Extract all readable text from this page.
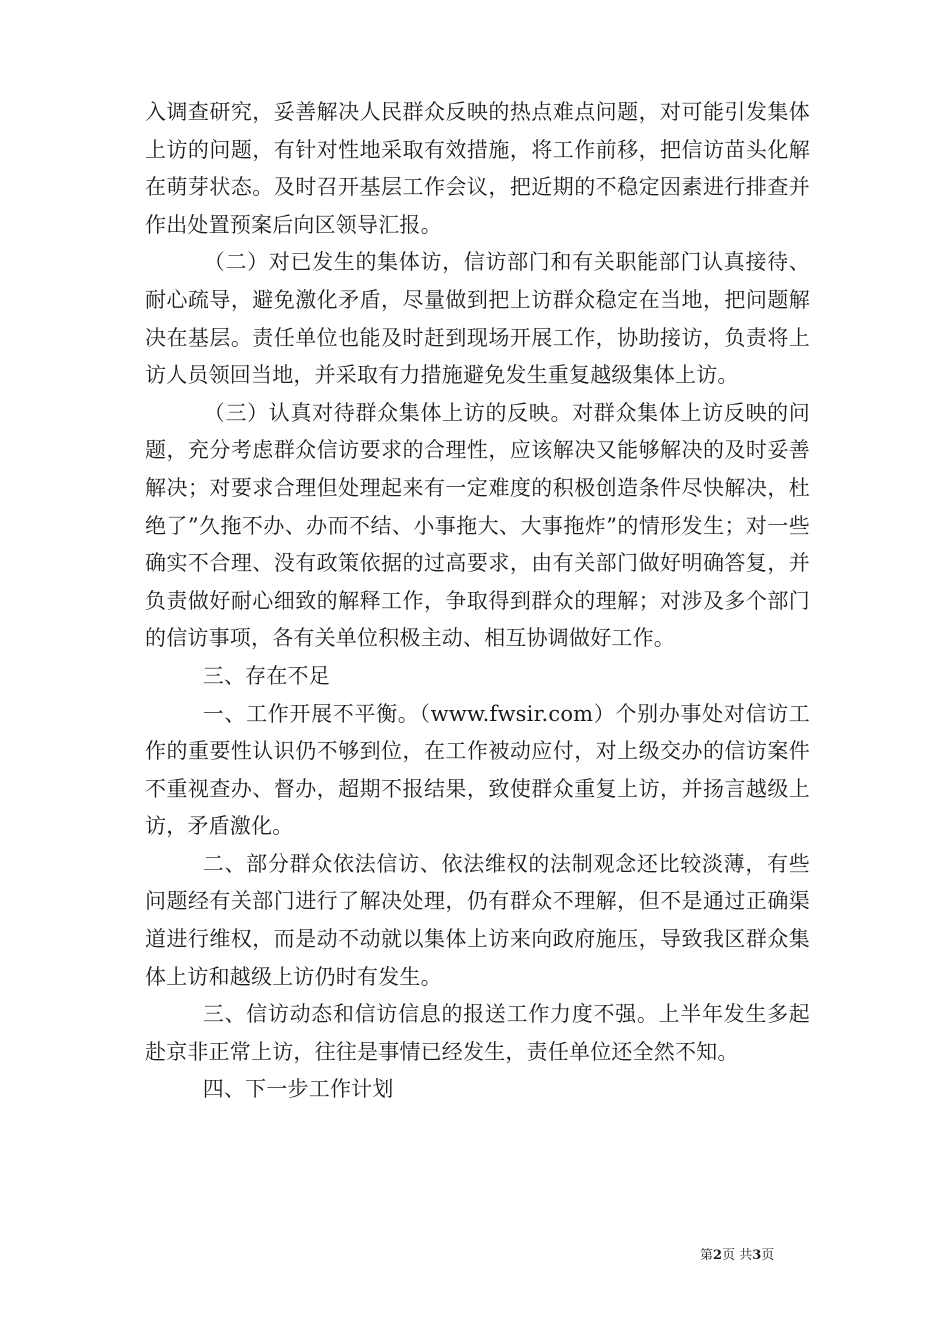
入调查研究，妥善解决人民群众反映的热点难点问题，对可能引发集体上访的问题，有针对性地采取有效措施，将工作前移，把信访苗头化解在萌芽状态。及时召开基层工作会议，把近期的不稳定因素进行排查并作出处置预案后向区领导汇报。

（二）对已发生的集体访，信访部门和有关职能部门认真接待、耐心疏导，避免激化矛盾，尽量做到把上访群众稳定在当地，把问题解决在基层。责任单位也能及时赶到现场开展工作，协助接访，负责将上访人员领回当地，并采取有力措施避免发生重复越级集体上访。

（三）认真对待群众集体上访的反映。对群众集体上访反映的问题，充分考虑群众信访要求的合理性，应该解决又能够解决的及时妥善解决；对要求合理但处理起来有一定难度的积极创造条件尽快解决，杜绝了”久拖不办、办而不结、小事拖大、大事拖炸”的情形发生；对一些确实不合理、没有政策依据的过高要求，由有关部门做好明确答复，并负责做好耐心细致的解释工作，争取得到群众的理解；对涉及多个部门的信访事项，各有关单位积极主动、相互协调做好工作。

三、存在不足

一、工作开展不平衡。（www.fwsir.com）个别办事处对信访工作的重要性认识仍不够到位，在工作被动应付，对上级交办的信访案件不重视查办、督办，超期不报结果，致使群众重复上访，并扬言越级上访，矛盾激化。

二、部分群众依法信访、依法维权的法制观念还比较淡薄，有些问题经有关部门进行了解决处理，仍有群众不理解，但不是通过正确渠道进行维权，而是动不动就以集体上访来向政府施压，导致我区群众集体上访和越级上访仍时有发生。

三、信访动态和信访信息的报送工作力度不强。上半年发生多起赴京非正常上访，往往是事情已经发生，责任单位还全然不知。

四、下一步工作计划

第2页 共3页
